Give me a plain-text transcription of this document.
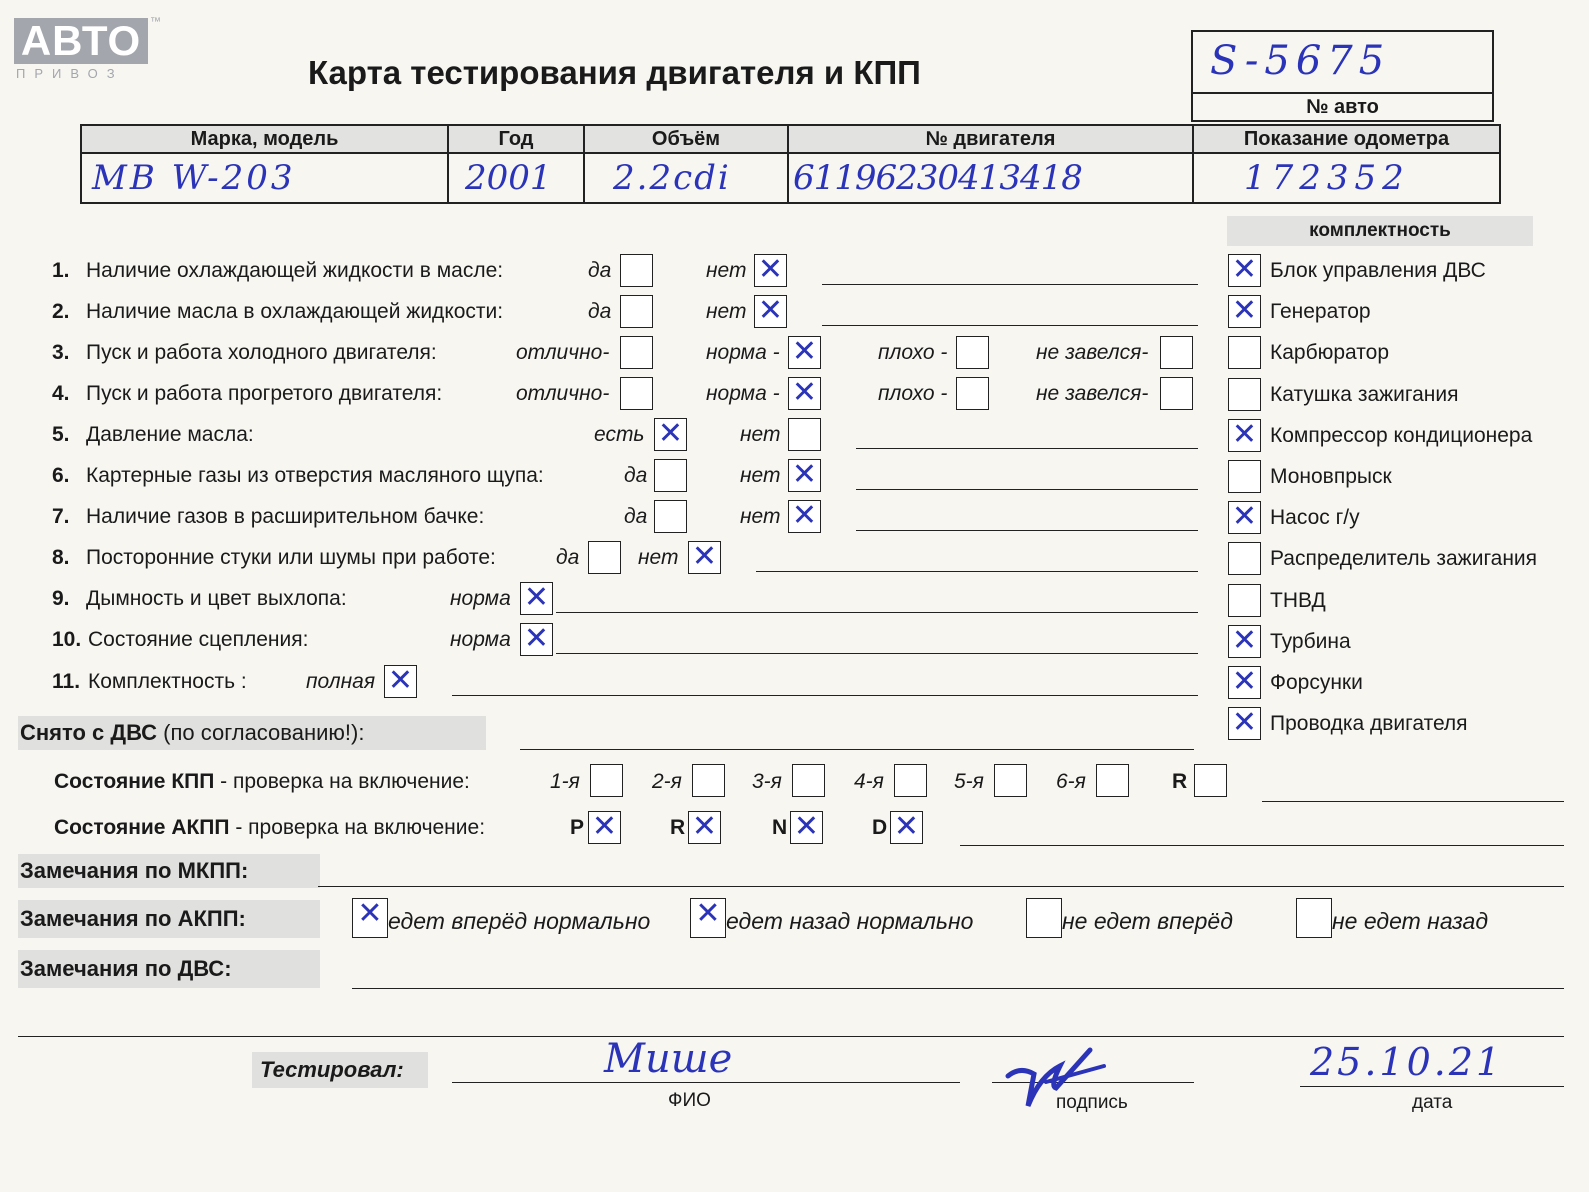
АВТО ™
ПРИВОЗ	Карта тестирования двигателя и КПП	S-5675
№ авто
Марка, модель	Год	Объём	№ двигателя	Показание одометра
MB W-203	2001	2.2cdi	61196230413418	172352
комплектность
1. Наличие охлаждающей жидкости в масле:	да	нет ✕
2. Наличие масла в охлаждающей жидкости:	да	нет ✕
3. Пуск и работа холодного двигателя:	отлично-	норма - ✕	плохо -	не завелся-
4. Пуск и работа прогретого двигателя:	отлично-	норма - ✕	плохо -	не завелся-
5. Давление масла:	есть ✕	нет
6. Картерные газы из отверстия масляного щупа:	да	нет ✕
7. Наличие газов в расширительном бачке:	да	нет ✕
8. Посторонние стуки или шумы при работе:	да	нет ✕
9. Дымность и цвет выхлопа:	норма ✕
10. Состояние сцепления:	норма ✕
11. Комплектность :	полная ✕
✕ Блок управления ДВС
✕ Генератор
Карбюратор
Катушка зажигания
✕ Компрессор кондиционера
Моновпрыск
✕ Насос г/у
Распределитель зажигания
ТНВД
✕ Турбина
✕ Форсунки
✕ Проводка двигателя
Снято с ДВС (по согласованию!):
Состояние КПП - проверка на включение:	1-я	2-я	3-я	4-я	5-я	6-я	R
Состояние АКПП - проверка на включение:	P ✕	R ✕	N ✕	D ✕
Замечания по МКПП:
Замечания по АКПП:	✕ едет вперёд нормально ✕ едет назад нормально	не едет вперёд	не едет назад
Замечания по ДВС:
Тестировал:	Мише
ФИО	подпись
25.10.21
дата
